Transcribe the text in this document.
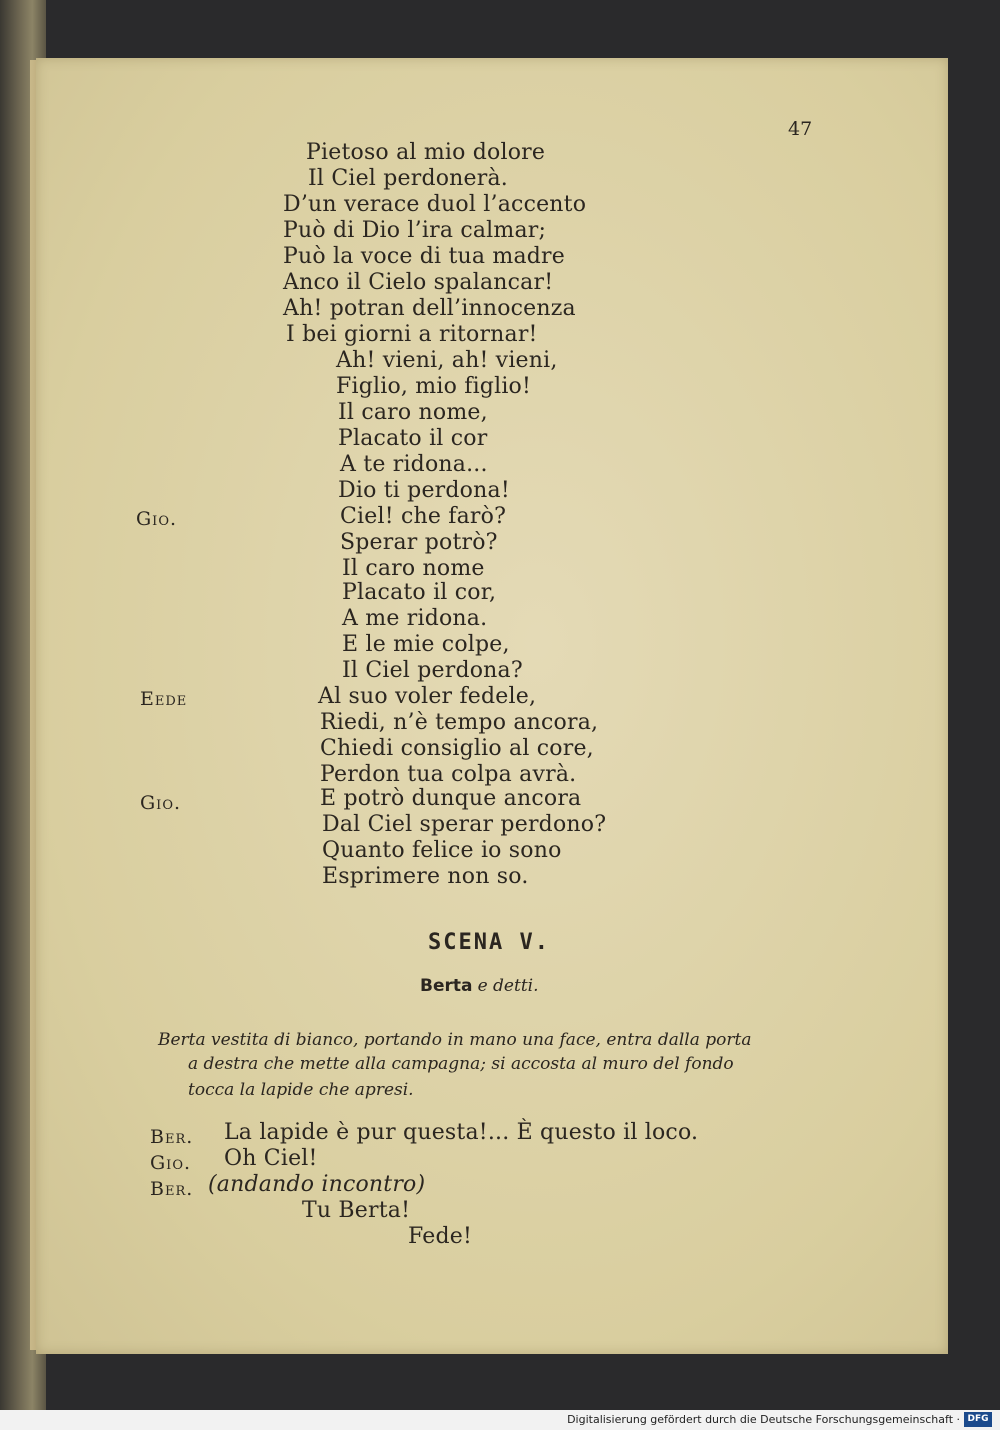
47
Pietoso al mio dolore
Il Ciel perdonerà.
D’un verace duol l’accento
Può di Dio l’ira calmar;
Può la voce di tua madre
Anco il Cielo spalancar!
Ah! potran dell’innocenza
I bei giorni a ritornar!
Ah! vieni, ah! vieni,
Figlio, mio figlio!
Il caro nome,
Placato il cor
A te ridona...
Dio ti perdona!
Gio.	Ciel! che farò?
Sperar potrò?
Il caro nome
Placato il cor,
A me ridona.
E le mie colpe,
Il Ciel perdona?
Eede	Al suo voler fedele,
Riedi, n’è tempo ancora,
Chiedi consiglio al core,
Perdon tua colpa avrà.
Gio.	E potrò dunque ancora
Dal Ciel sperar perdono?
Quanto felice io sono
Esprimere non so.
SCENA V.
Berta e detti.
Berta vestita di bianco, portando in mano una face, entra dalla porta
a destra che mette alla campagna; si accosta al muro del fondo
tocca la lapide che apresi.
Ber. La lapide è pur questa!... È questo il loco.
Gio. Oh Ciel!
Ber. (andando incontro)
Tu Berta!
Fede!
Digitalisierung gefördert durch die Deutsche Forschungsgemeinschaft · DFG
